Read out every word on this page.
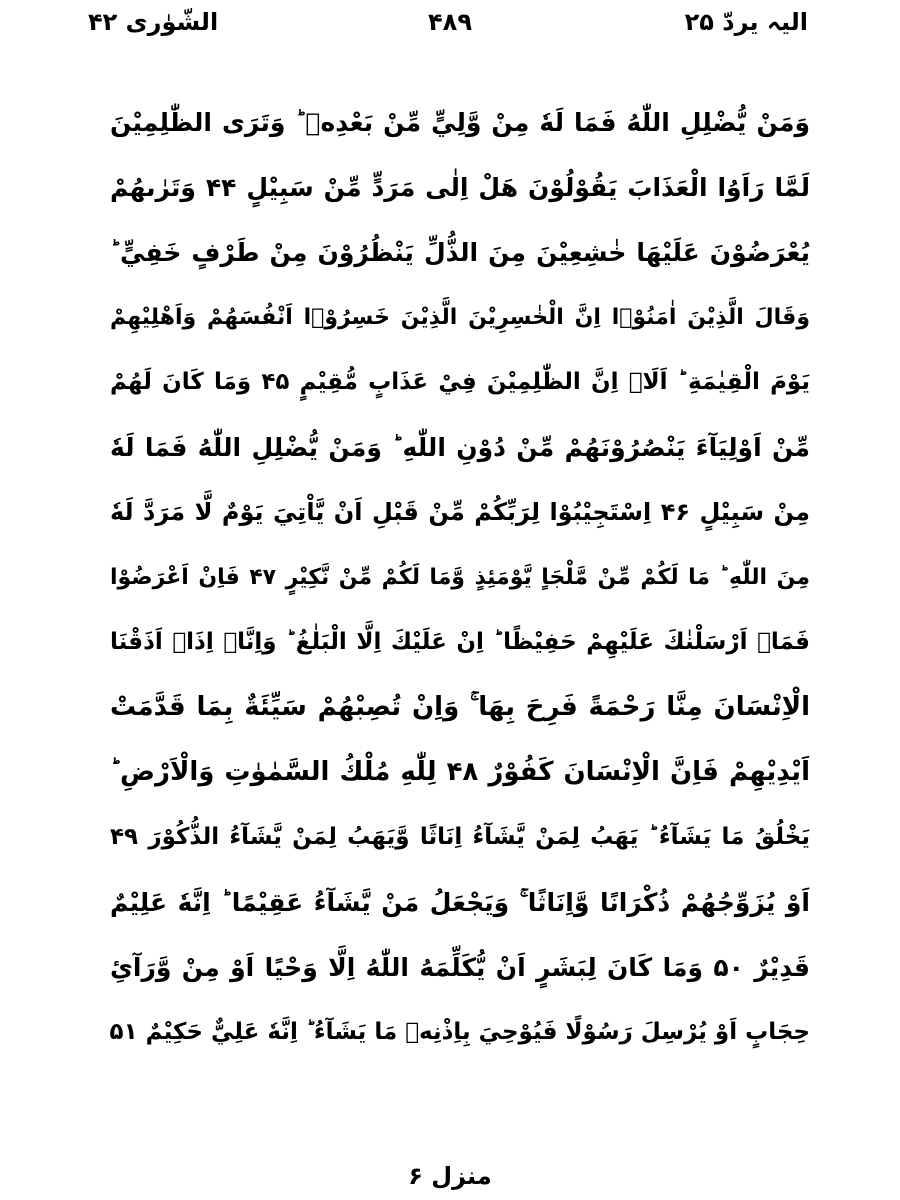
الشّوٰری ۴۲	۴۸۹	الیہ یردّ ۲۵
وَمَنْ يُّضْلِلِ اللّٰهُ فَمَا لَهٗ مِنْ وَّلِيٍّ مِّنْ بَعْدِهٖ ؕ وَتَرَى الظّٰلِمِيْنَ
لَمَّا رَاَوُا الْعَذَابَ يَقُوْلُوْنَ هَلْ اِلٰى مَرَدٍّ مِّنْ سَبِيْلٍ ۴۴ وَتَرٰىهُمْ
يُعْرَضُوْنَ عَلَيْهَا خٰشِعِيْنَ مِنَ الذُّلِّ يَنْظُرُوْنَ مِنْ طَرْفٍ خَفِيٍّ ؕ
وَقَالَ الَّذِيْنَ اٰمَنُوْۤا اِنَّ الْخٰسِرِيْنَ الَّذِيْنَ خَسِرُوْۤا اَنْفُسَهُمْ وَاَهْلِيْهِمْ
يَوْمَ الْقِيٰمَةِ ؕ اَلَاۤ اِنَّ الظّٰلِمِيْنَ فِيْ عَذَابٍ مُّقِيْمٍ ۴۵ وَمَا كَانَ لَهُمْ
مِّنْ اَوْلِيَآءَ يَنْصُرُوْنَهُمْ مِّنْ دُوْنِ اللّٰهِ ؕ وَمَنْ يُّضْلِلِ اللّٰهُ فَمَا لَهٗ
مِنْ سَبِيْلٍ ۴۶ اِسْتَجِيْبُوْا لِرَبِّكُمْ مِّنْ قَبْلِ اَنْ يَّاْتِيَ يَوْمٌ لَّا مَرَدَّ لَهٗ
مِنَ اللّٰهِ ؕ مَا لَكُمْ مِّنْ مَّلْجَاٍ يَّوْمَئِذٍ وَّمَا لَكُمْ مِّنْ نَّكِيْرٍ ۴۷ فَاِنْ اَعْرَضُوْا
فَمَاۤ اَرْسَلْنٰكَ عَلَيْهِمْ حَفِيْظًا ؕ اِنْ عَلَيْكَ اِلَّا الْبَلٰغُ ؕ وَاِنَّاۤ اِذَاۤ اَذَقْنَا
الْاِنْسَانَ مِنَّا رَحْمَةً فَرِحَ بِهَا ۚ وَاِنْ تُصِبْهُمْ سَيِّئَةٌ بِمَا قَدَّمَتْ
اَيْدِيْهِمْ فَاِنَّ الْاِنْسَانَ كَفُوْرٌ ۴۸ لِلّٰهِ مُلْكُ السَّمٰوٰتِ وَالْاَرْضِ ؕ
يَخْلُقُ مَا يَشَآءُ ؕ يَهَبُ لِمَنْ يَّشَآءُ اِنَاثًا وَّيَهَبُ لِمَنْ يَّشَآءُ الذُّكُوْرَ ۴۹
اَوْ يُزَوِّجُهُمْ ذُكْرَانًا وَّاِنَاثًا ۚ وَيَجْعَلُ مَنْ يَّشَآءُ عَقِيْمًا ؕ اِنَّهٗ عَلِيْمٌ
قَدِيْرٌ ۵۰ وَمَا كَانَ لِبَشَرٍ اَنْ يُّكَلِّمَهُ اللّٰهُ اِلَّا وَحْيًا اَوْ مِنْ وَّرَآئِ
حِجَابٍ اَوْ يُرْسِلَ رَسُوْلًا فَيُوْحِيَ بِاِذْنِهٖ مَا يَشَآءُ ؕ اِنَّهٗ عَلِيٌّ حَكِيْمٌ ۵۱
منزل ۶
